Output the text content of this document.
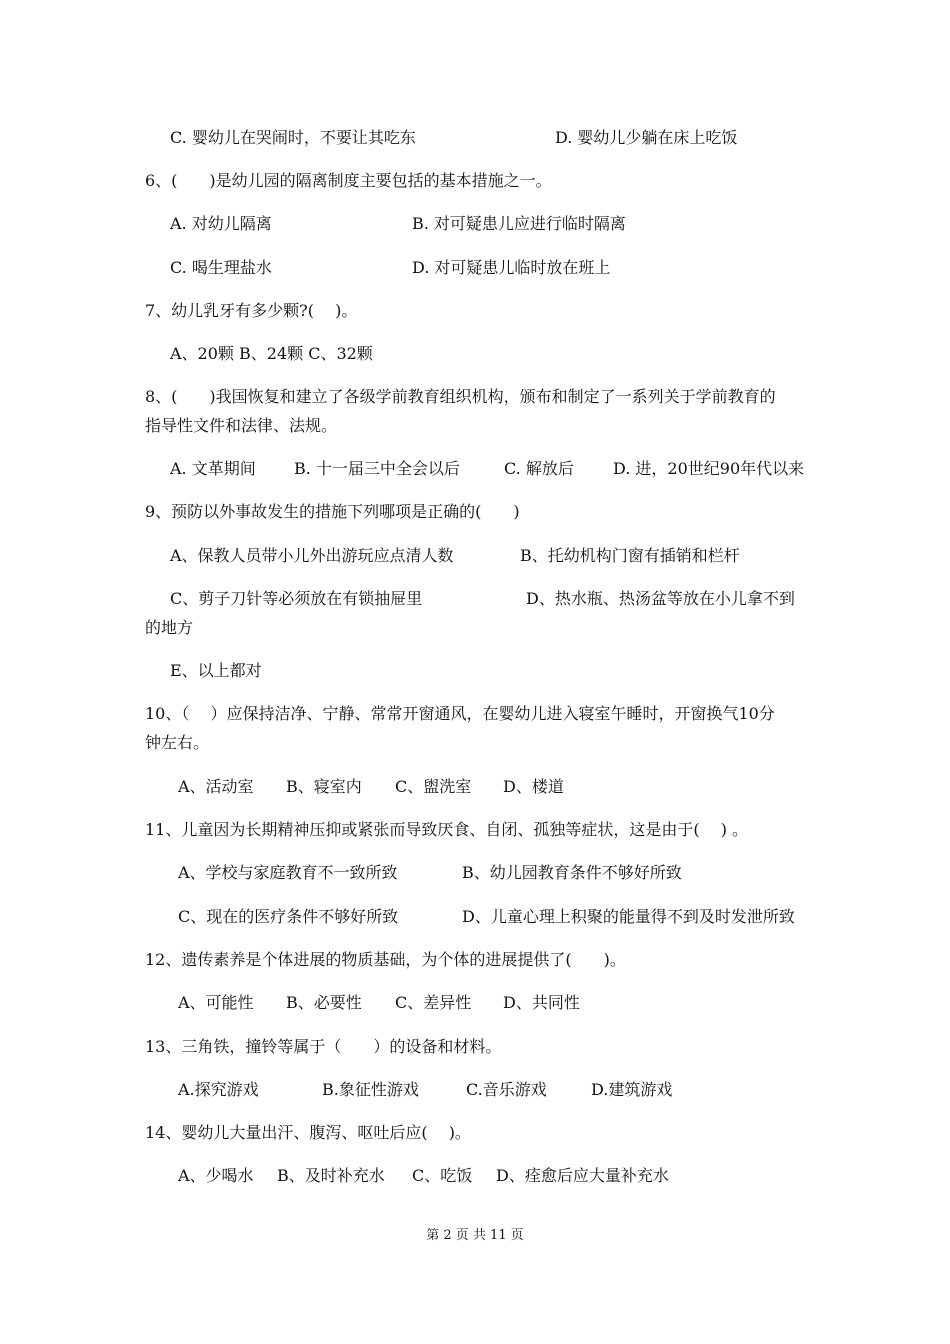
C. 婴幼儿在哭闹时，不要让其吃东	D. 婴幼儿少躺在床上吃饭
6、(　　)是幼儿园的隔离制度主要包括的基本措施之一。
A. 对幼儿隔离	B. 对可疑患儿应进行临时隔离
C. 喝生理盐水	D. 对可疑患儿临时放在班上
7、幼儿乳牙有多少颗?(　 )。
A、20颗 B、24颗 C、32颗
8、(　　)我国恢复和建立了各级学前教育组织机构，颁布和制定了一系列关于学前教育的
指导性文件和法律、法规。
A. 文革期间 B. 十一届三中全会以后	C. 解放后 D. 进，20世纪90年代以来
9、预防以外事故发生的措施下列哪项是正确的(　　)
A、保教人员带小儿外出游玩应点清人数	B、托幼机构门窗有插销和栏杆
C、剪子刀针等必须放在有锁抽屉里	D、热水瓶、热汤盆等放在小儿拿不到
的地方
E、以上都对
10、（　 ）应保持洁净、宁静、常常开窗通风，在婴幼儿进入寝室午睡时，开窗换气10分
钟左右。
A、活动室 B、寝室内 C、盥洗室 D、楼道
11、儿童因为长期精神压抑或紧张而导致厌食、自闭、孤独等症状，这是由于(　 ) 。
A、学校与家庭教育不一致所致	B、幼儿园教育条件不够好所致
C、现在的医疗条件不够好所致	D、儿童心理上积聚的能量得不到及时发泄所致
12、遗传素养是个体进展的物质基础，为个体的进展提供了(　　)。
A、可能性 B、必要性 C、差异性 D、共同性
13、三角铁，撞铃等属于（　　）的设备和材料。
A.探究游戏	B.象征性游戏	C.音乐游戏	D.建筑游戏
14、婴幼儿大量出汗、腹泻、呕吐后应(　 )。
A、少喝水 B、及时补充水 C、吃饭 D、痊愈后应大量补充水
第 2 页 共 11 页
